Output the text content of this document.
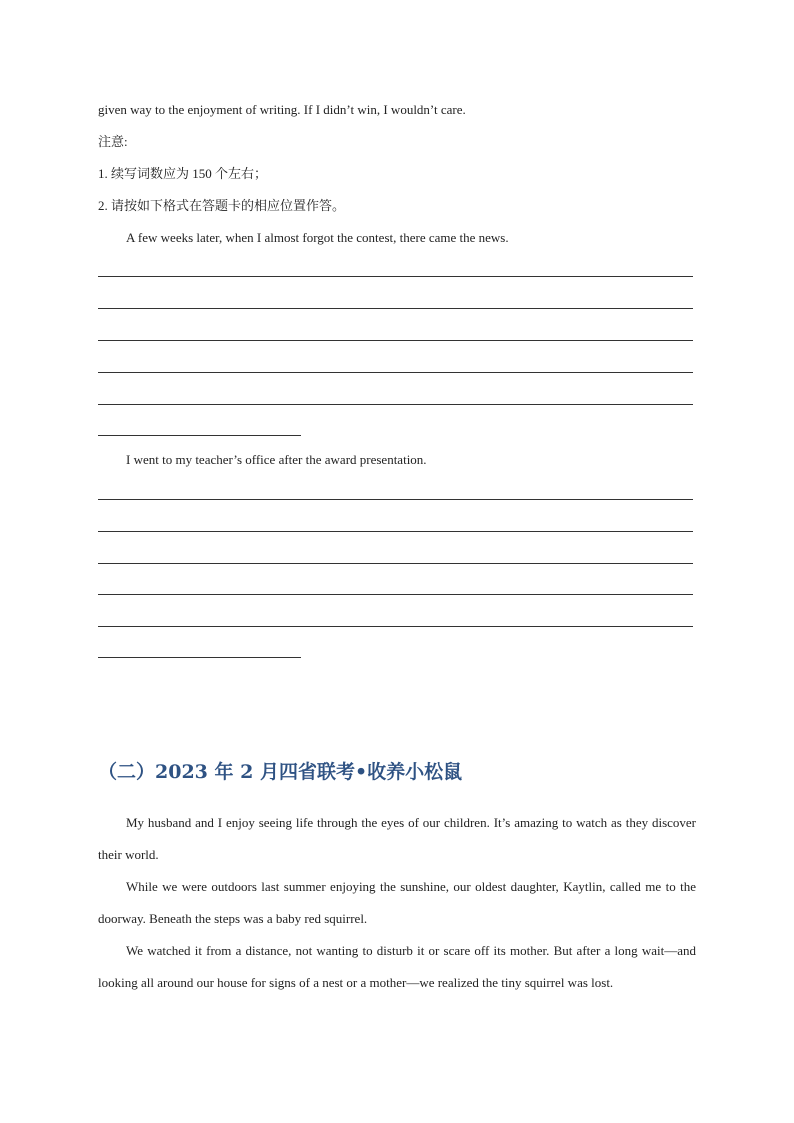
given way to the enjoyment of writing. If I didn’t win, I wouldn’t care.
注意:
1. 续写词数应为 150 个左右；
2. 请按如下格式在答题卡的相应位置作答。
A few weeks later, when I almost forgot the contest, there came the news.
I went to my teacher’s office after the award presentation.
（二）2023 年 2 月四省联考•收养小松鼠

My husband and I enjoy seeing life through the eyes of our children. It’s amazing to watch as they discover their world.

While we were outdoors last summer enjoying the sunshine, our oldest daughter, Kaytlin, called me to the doorway. Beneath the steps was a baby red squirrel.

We watched it from a distance, not wanting to disturb it or scare off its mother. But after a long wait—and looking all around our house for signs of a nest or a mother—we realized the tiny squirrel was lost.
